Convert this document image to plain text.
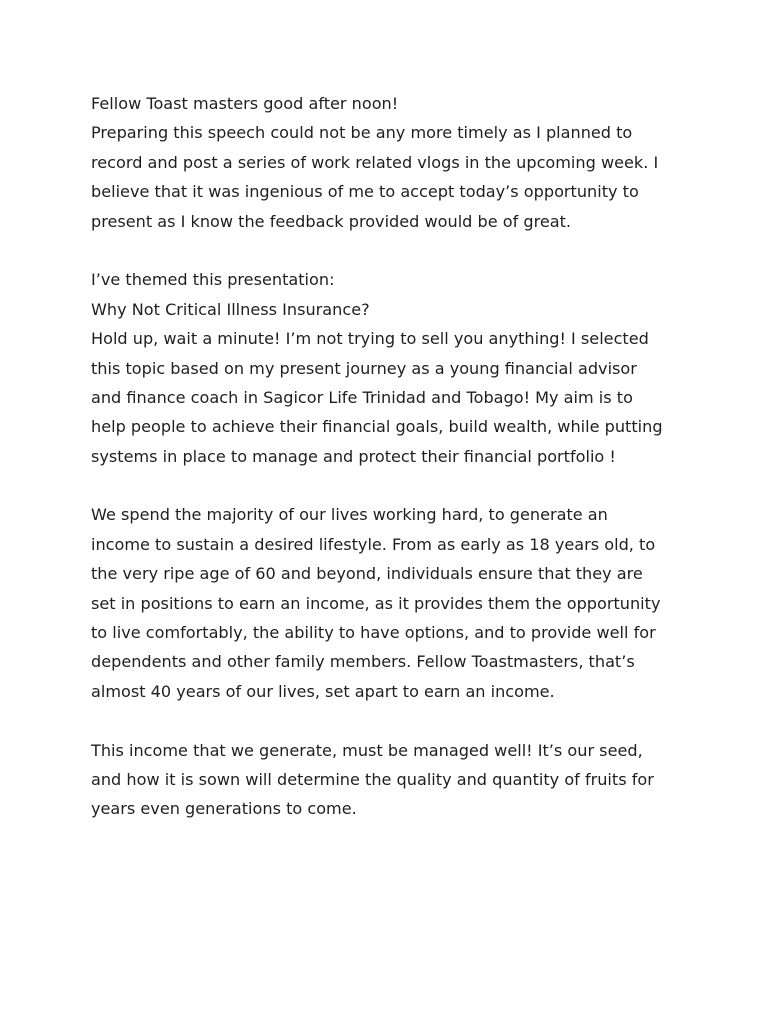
Fellow Toast masters good after noon!
Preparing this speech could not be any more timely as I planned to
record and post a series of work related vlogs in the upcoming week. I
believe that it was ingenious of me to accept today’s opportunity to
present as I know the feedback provided would be of great.
I’ve themed this presentation:
Why Not Critical Illness Insurance?
Hold up, wait a minute! I’m not trying to sell you anything! I selected
this topic based on my present journey as a young financial advisor
and finance coach in Sagicor Life Trinidad and Tobago! My aim is to
help people to achieve their financial goals, build wealth, while putting
systems in place to manage and protect their financial portfolio !
We spend the majority of our lives working hard, to generate an
income to sustain a desired lifestyle. From as early as 18 years old, to
the very ripe age of 60 and beyond, individuals ensure that they are
set in positions to earn an income, as it provides them the opportunity
to live comfortably, the ability to have options, and to provide well for
dependents and other family members. Fellow Toastmasters, that’s
almost 40 years of our lives, set apart to earn an income.
This income that we generate, must be managed well! It’s our seed,
and how it is sown will determine the quality and quantity of fruits for
years even generations to come.
